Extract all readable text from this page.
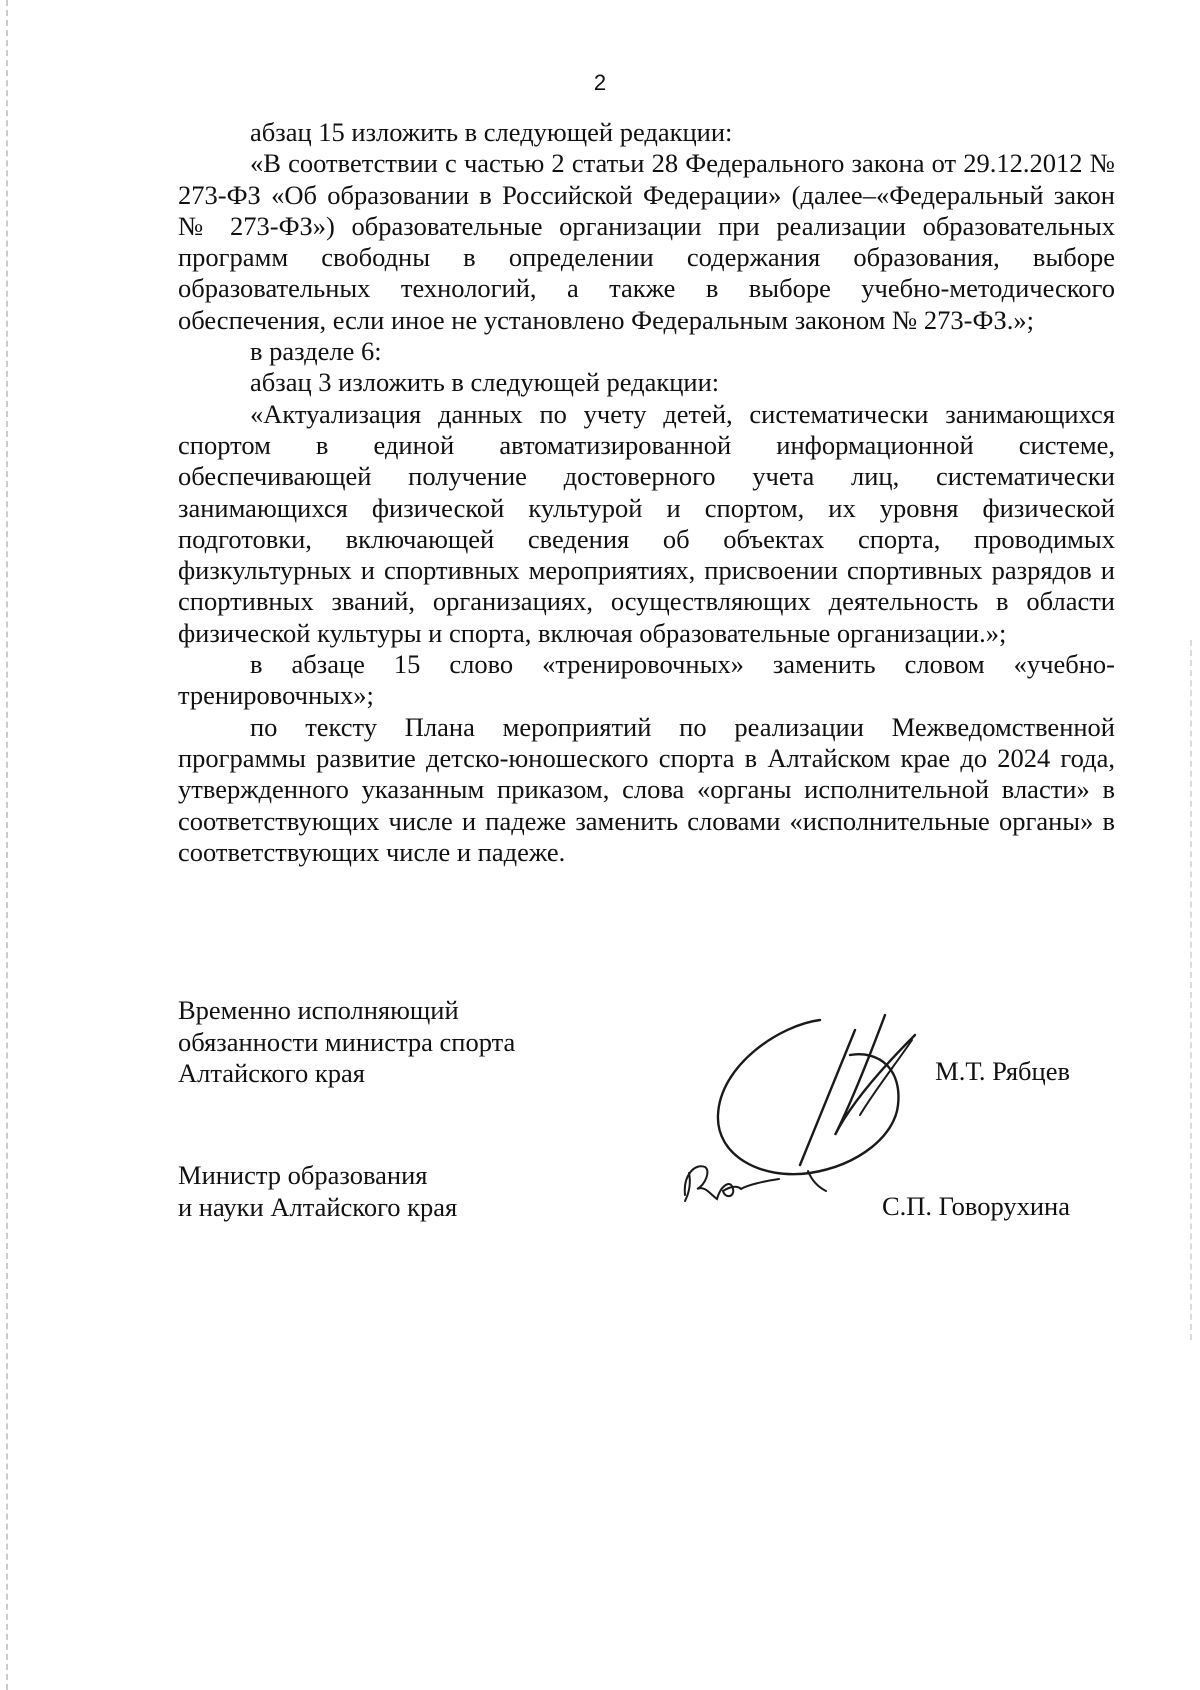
2

абзац 15 изложить в следующей редакции:

«В соответствии с частью 2 статьи 28 Федерального закона от 29.12.2012 № 273-ФЗ «Об образовании в Российской Федерации» (далее–«Федеральный закон № 273-ФЗ») образовательные организации при реализации образовательных программ свободны в определении содержания образования, выборе образовательных технологий, а также в выборе учебно-методического обеспечения, если иное не установлено Федеральным законом № 273-ФЗ.»;

в разделе 6:

абзац 3 изложить в следующей редакции:

«Актуализация данных по учету детей, систематически занимающихся спортом в единой автоматизированной информационной системе, обеспечивающей получение достоверного учета лиц, систематически занимающихся физической культурой и спортом, их уровня физической подготовки, включающей сведения об объектах спорта, проводимых физкультурных и спортивных мероприятиях, присвоении спортивных разрядов и спортивных званий, организациях, осуществляющих деятельность в области физической культуры и спорта, включая образовательные организации.»;

в абзаце 15 слово «тренировочных» заменить словом «учебно-тренировочных»;

по тексту Плана мероприятий по реализации Межведомственной программы развитие детско-юношеского спорта в Алтайском крае до 2024 года, утвержденного указанным приказом, слова «органы исполнительной власти» в соответствующих числе и падеже заменить словами «исполнительные органы» в соответствующих числе и падеже.

Временно исполняющий
обязанности министра спорта
Алтайского края	М.Т. Рябцев
Министр образования
и науки Алтайского края	С.П. Говорухина
